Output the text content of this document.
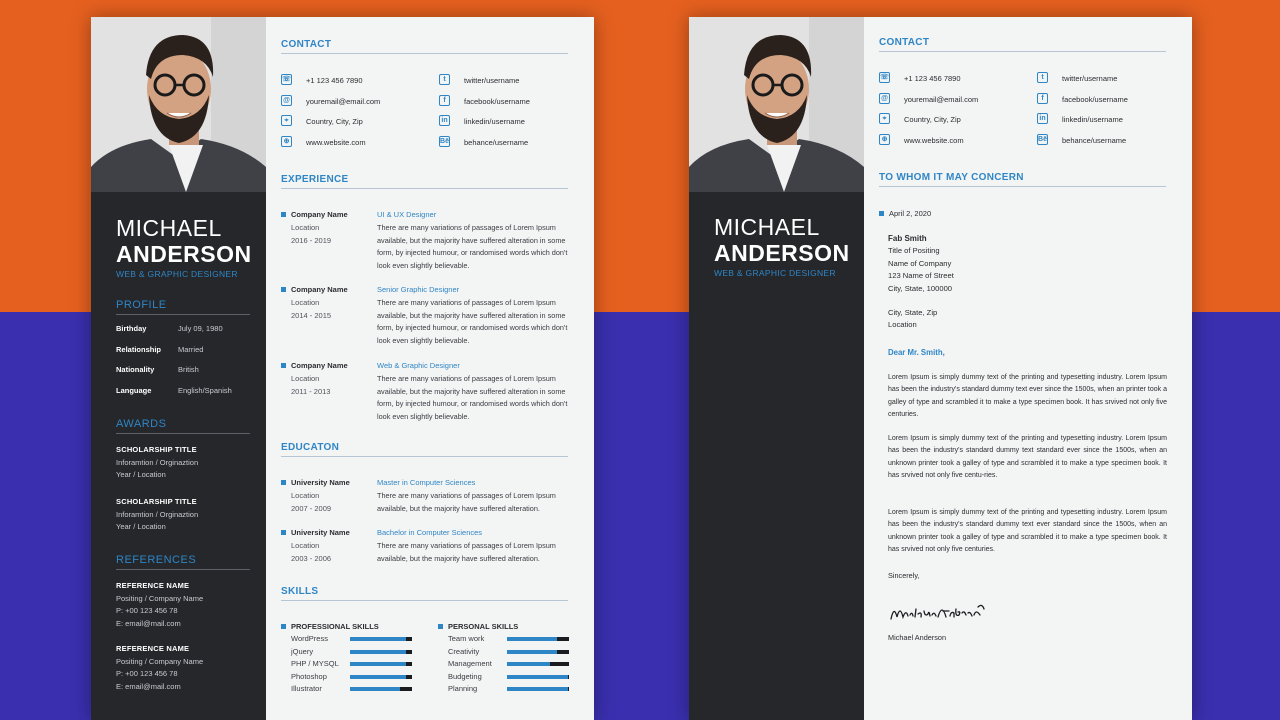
MICHAEL
ANDERSON
WEB & GRAPHIC DESIGNER
PROFILE
Birthday	July 09, 1980
Relationship Married
Nationality	British
Language	English/Spanish
AWARDS
SCHOLARSHIP TITLE
Inforamtion / Orginaztion
Year / Location
SCHOLARSHIP TITLE
Inforamtion / Orginaztion
Year / Location
REFERENCES
REFERENCE NAME
Positing / Company Name
P: +00 123 456 78
E: email@mail.com
REFERENCE NAME
Positing / Company Name
P: +00 123 456 78
E: email@mail.com
CONTACT
☏ +1 123 456 7890	t	twitter/username
@ youremail@email.com	f	facebook/username
⌖	Country, City, Zip	in	linkedin/username
⊕	www.website.com	Bē behance/username
EXPERIENCE
Company Name
Location
2016 - 2019
UI & UX Designer
There are many variations of passages of Lorem Ipsum available, but the majority have suffered alteration in some form, by injected humour, or randomised words which don't look even slightly believable.
Company Name
Location
2014 - 2015
Senior Graphic Designer
There are many variations of passages of Lorem Ipsum available, but the majority have suffered alteration in some form, by injected humour, or randomised words which don't look even slightly believable.
Company Name
Location
2011 - 2013
Web & Graphic Designer
There are many variations of passages of Lorem Ipsum available, but the majority have suffered alteration in some form, by injected humour, or randomised words which don't look even slightly believable.
EDUCATON
University Name
Location
2007 - 2009
Master in Computer Sciences
There are many variations of passages of Lorem Ipsum available, but the majority have suffered alteration.
University Name
Location
2003 - 2006
Bachelor in Computer Sciences
There are many variations of passages of Lorem Ipsum available, but the majority have suffered alteration.
SKILLS
PROFESSIONAL SKILLS
WordPress
jQuery
PHP / MYSQL
Photoshop
Illustrator
PERSONAL SKILLS
Team work
Creativity
Management
Budgeting
Planning
MICHAEL
ANDERSON
WEB & GRAPHIC DESIGNER
CONTACT
☏ +1 123 456 7890	t	twitter/username
@ youremail@email.com	f	facebook/username
⌖	Country, City, Zip	in	linkedin/username
⊕	www.website.com	Bē behance/username
TO WHOM IT MAY CONCERN
April 2, 2020
Fab Smith
Title of Positing
Name of Company
123 Name of Street
City, State, 100000
City, State, Zip
Location
Dear Mr. Smith,
Lorem Ipsum is simply dummy text of the printing and typesetting industry. Lorem Ipsum has been the industry's standard dummy text ever since the 1500s, when an printer took a galley of type and scrambled it to make a type specimen book. It has srvived not only five centuries.
Lorem Ipsum is simply dummy text of the printing and typesetting industry. Lorem Ipsum has been the industry's standard dummy text standard ever since the 1500s, when an unknown printer took a galley of type and scrambled it to make a type specimen book. It has srvived not only five centu-ries.
Lorem Ipsum is simply dummy text of the printing and typesetting industry. Lorem Ipsum has been the industry's standard dummy text ever standard since the 1500s, when an unknown printer took a galley of type and scrambled it to make a type specimen book. It has srvived not only five centuries.
Sincerely,
Michael Anderson
